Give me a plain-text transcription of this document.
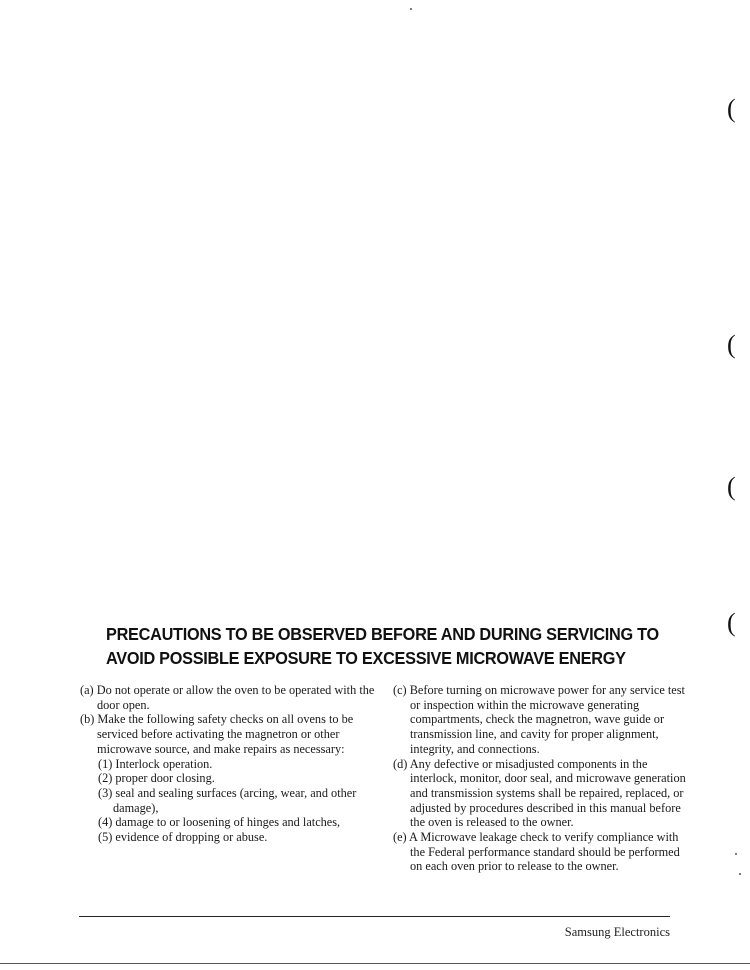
(
(
(
(
PRECAUTIONS TO BE OBSERVED BEFORE AND DURING SERVICING TO
AVOID POSSIBLE EXPOSURE TO EXCESSIVE MICROWAVE ENERGY

(a) Do not operate or allow the oven to be operated with the door open.

(b) Make the following safety checks on all ovens to be serviced before activating the magnetron or other microwave source, and make repairs as necessary:

(1) Interlock operation.

(2) proper door closing.

(3) seal and sealing surfaces (arcing, wear, and other damage),

(4) damage to or loosening of hinges and latches,

(5) evidence of dropping or abuse.

(c) Before turning on microwave power for any service test or inspection within the microwave generating compartments, check the magnetron, wave guide or transmission line, and cavity for proper alignment, integrity, and connections.

(d) Any defective or misadjusted components in the interlock, monitor, door seal, and microwave generation and transmission systems shall be repaired, replaced, or adjusted by procedures described in this manual before the oven is released to the owner.

(e) A Microwave leakage check to verify compliance with the Federal performance standard should be performed on each oven prior to release to the owner.

Samsung Electronics
